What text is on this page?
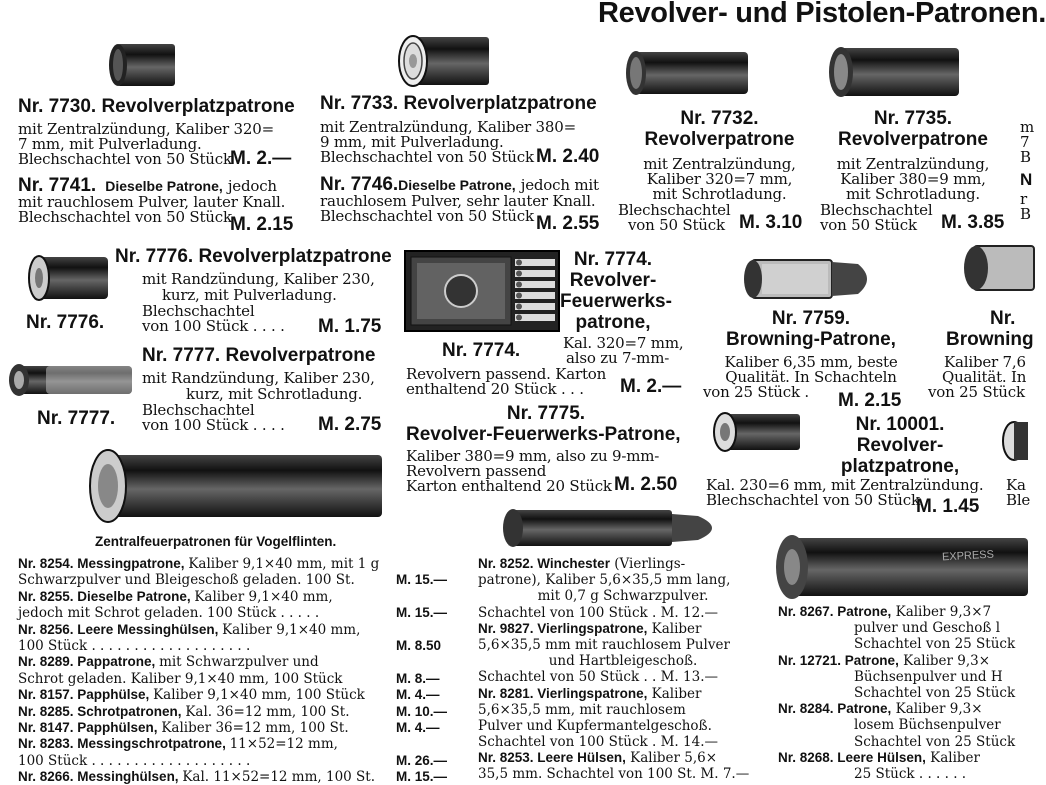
Revolver- und Pistolen-Patronen.
Nr. 7730. Revolverplatzpatrone
mit Zentralzündung, Kaliber 320=
7 mm, mit Pulverladung.
Blechschachtel von 50 Stück
M. 2.—
Nr. 7741. Dieselbe Patrone, jedoch
mit rauchlosem Pulver, lauter Knall.
Blechschachtel von 50 Stück
M. 2.15
Nr. 7733. Revolverplatzpatrone
mit Zentralzündung, Kaliber 380=
9 mm, mit Pulverladung.
Blechschachtel von 50 Stück M. 2.40
Nr. 7746.Dieselbe Patrone, jedoch mit
rauchlosem Pulver, sehr lauter Knall.
Blechschachtel von 50 Stück M. 2.55
Nr. 7732.
Revolverpatrone
mit Zentralzündung,
Kaliber 320=7 mm,
mit Schrotladung.
Blechschachtel
von 50 Stück M. 3.10
Nr. 7735.
Revolverpatrone
mit Zentralzündung,
Kaliber 380=9 mm,
mit Schrotladung.
Blechschachtel
von 50 Stück M. 3.85
m
7
B
N
r
B
Nr. 7776.
Nr. 7776. Revolverplatzpatrone
mit Randzündung, Kaliber 230,
kurz, mit Pulverladung.
Blechschachtel
von 100 Stück . . . . M. 1.75
Nr. 7777.
Nr. 7777. Revolverpatrone
mit Randzündung, Kaliber 230,
kurz, mit Schrotladung.
Blechschachtel
von 100 Stück . . . . M. 2.75
Nr. 7774.
Revolver-
Feuerwerks-
patrone,
Nr. 7774.	Kal. 320=7 mm,
also zu 7-mm-
Revolvern passend. Karton
enthaltend 20 Stück . . . M. 2.—
Nr. 7775.
Revolver-Feuerwerks-Patrone,
Kaliber 380=9 mm, also zu 9-mm-
Revolvern passend
Karton enthaltend 20 Stück M. 2.50
Nr. 7759.
Browning-Patrone,
Kaliber 6,35 mm, beste
Qualität. In Schachteln
von 25 Stück . M. 2.15
Nr.
Browning
Kaliber 7,6
Qualität. In
von 25 Stück
Nr. 10001.
Revolver-
platzpatrone,
Kal. 230=6 mm, mit Zentralzündung.
Blechschachtel von 50 Stück
M. 1.45
Ka
Ble
Zentralfeuerpatronen für Vogelflinten.
EXPRESS
Nr. 8254. Messingpatrone, Kaliber 9,1×40 mm, mit 1 g
Schwarzpulver und Bleigeschoß geladen. 100 St.	M. 15.—
Nr. 8255. Dieselbe Patrone, Kaliber 9,1×40 mm,
jedoch mit Schrot geladen. 100 Stück . . . . .	M. 15.—
Nr. 8256. Leere Messinghülsen, Kaliber 9,1×40 mm,
100 Stück . . . . . . . . . . . . . . . . . . .	M. 8.50
Nr. 8289. Pappatrone, mit Schwarzpulver und
Schrot geladen. Kaliber 9,1×40 mm, 100 Stück	M. 8.—
Nr. 8157. Papphülse, Kaliber 9,1×40 mm, 100 Stück M. 4.—
Nr. 8285. Schrotpatronen, Kal. 36=12 mm, 100 St.	M. 10.—
Nr. 8147. Papphülsen, Kaliber 36=12 mm, 100 St.	M. 4.—
Nr. 8283. Messingschrotpatrone, 11×52=12 mm,
100 Stück . . . . . . . . . . . . . . . . . . .	M. 26.—
Nr. 8266. Messinghülsen, Kal. 11×52=12 mm, 100 St. M. 15.—
Nr. 8252. Winchester (Vierlings-
patrone), Kaliber 5,6×35,5 mm lang,
mit 0,7 g Schwarzpulver.
Schachtel von 100 Stück . M. 12.—
Nr. 9827. Vierlingspatrone, Kaliber
5,6×35,5 mm mit rauchlosem Pulver
und Hartbleigeschoß.
Schachtel von 50 Stück . . M. 13.—
Nr. 8281. Vierlingspatrone, Kaliber
5,6×35,5 mm, mit rauchlosem
Pulver und Kupfermantelgeschoß.
Schachtel von 100 Stück . M. 14.—
Nr. 8253. Leere Hülsen, Kaliber 5,6×
35,5 mm. Schachtel von 100 St. M. 7.—
Nr. 8267. Patrone, Kaliber 9,3×7
pulver und Geschoß l
Schachtel von 25 Stück
Nr. 12721. Patrone, Kaliber 9,3×
Büchsenpulver und H
Schachtel von 25 Stück
Nr. 8284. Patrone, Kaliber 9,3×
losem Büchsenpulver
Schachtel von 25 Stück
Nr. 8268. Leere Hülsen, Kaliber
25 Stück . . . . . .
